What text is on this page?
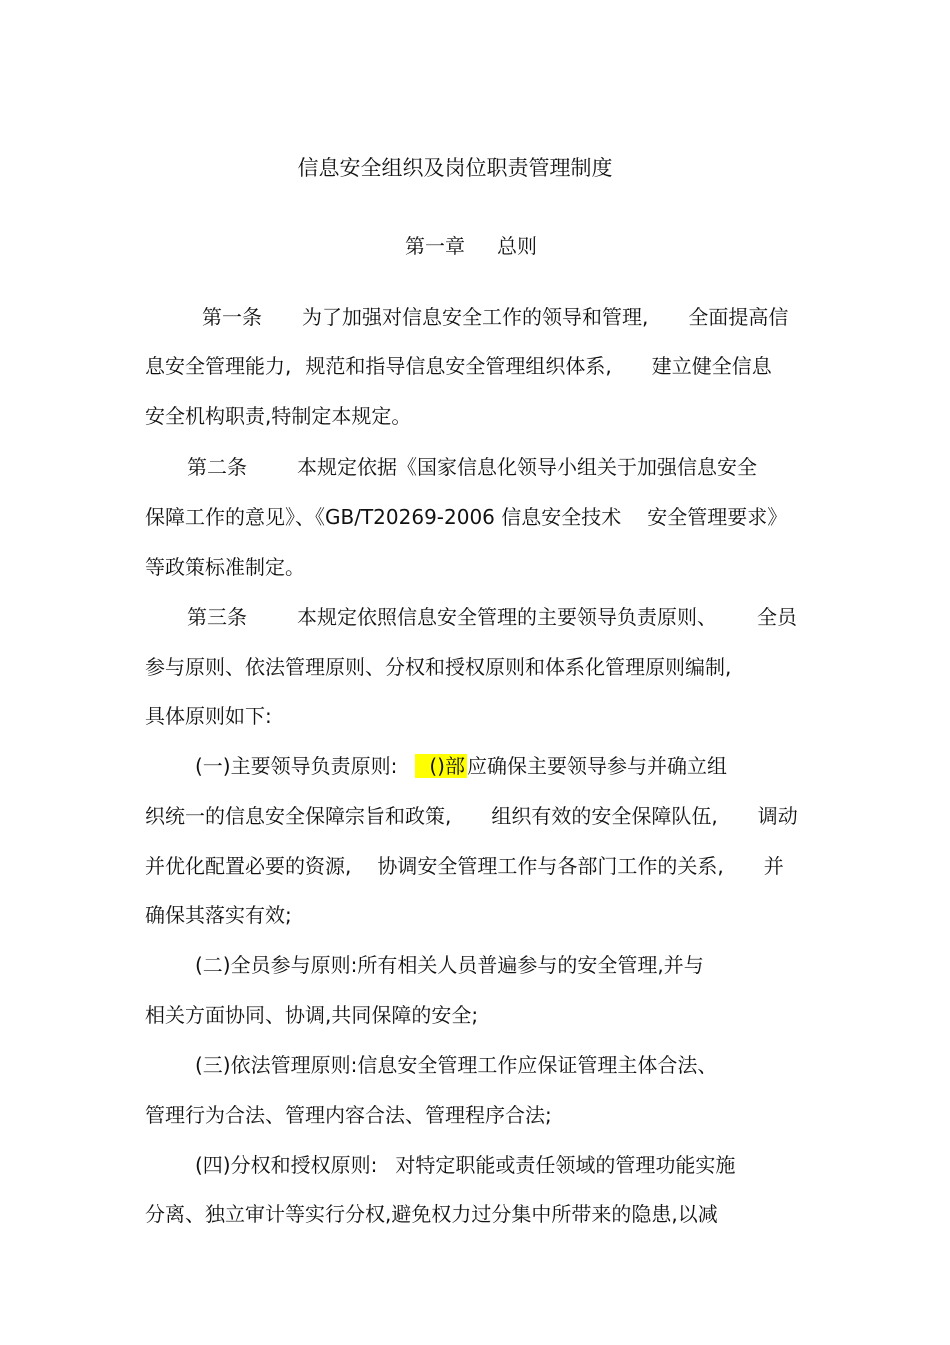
信息安全组织及岗位职责管理制度

第一章 总则

第一条 为了加强对信息安全工作的领导和管理, 全面提高信

息安全管理能力, 规范和指导信息安全管理组织体系, 建立健全信息

安全机构职责,特制定本规定。

第二条	本规定依据《国家信息化领导小组关于加强信息安全

保障工作的意见》、《GB/T20269-2006 信息安全技术 安全管理要求》

等政策标准制定。

第三条	本规定依照信息安全管理的主要领导负责原则、 全员

参与原则、依法管理原则、分权和授权原则和体系化管理原则编制,

具体原则如下:

(一)主要领导负责原则: ()部 应确保主要领导参与并确立组

织统一的信息安全保障宗旨和政策, 组织有效的安全保障队伍, 调动

并优化配置必要的资源, 协调安全管理工作与各部门工作的关系, 并

确保其落实有效;

(二)全员参与原则:所有相关人员普遍参与的安全管理,并与

相关方面协同、协调,共同保障的安全;

(三)依法管理原则:信息安全管理工作应保证管理主体合法、

管理行为合法、管理内容合法、管理程序合法;

(四)分权和授权原则: 对特定职能或责任领域的管理功能实施

分离、独立审计等实行分权,避免权力过分集中所带来的隐患,以减
